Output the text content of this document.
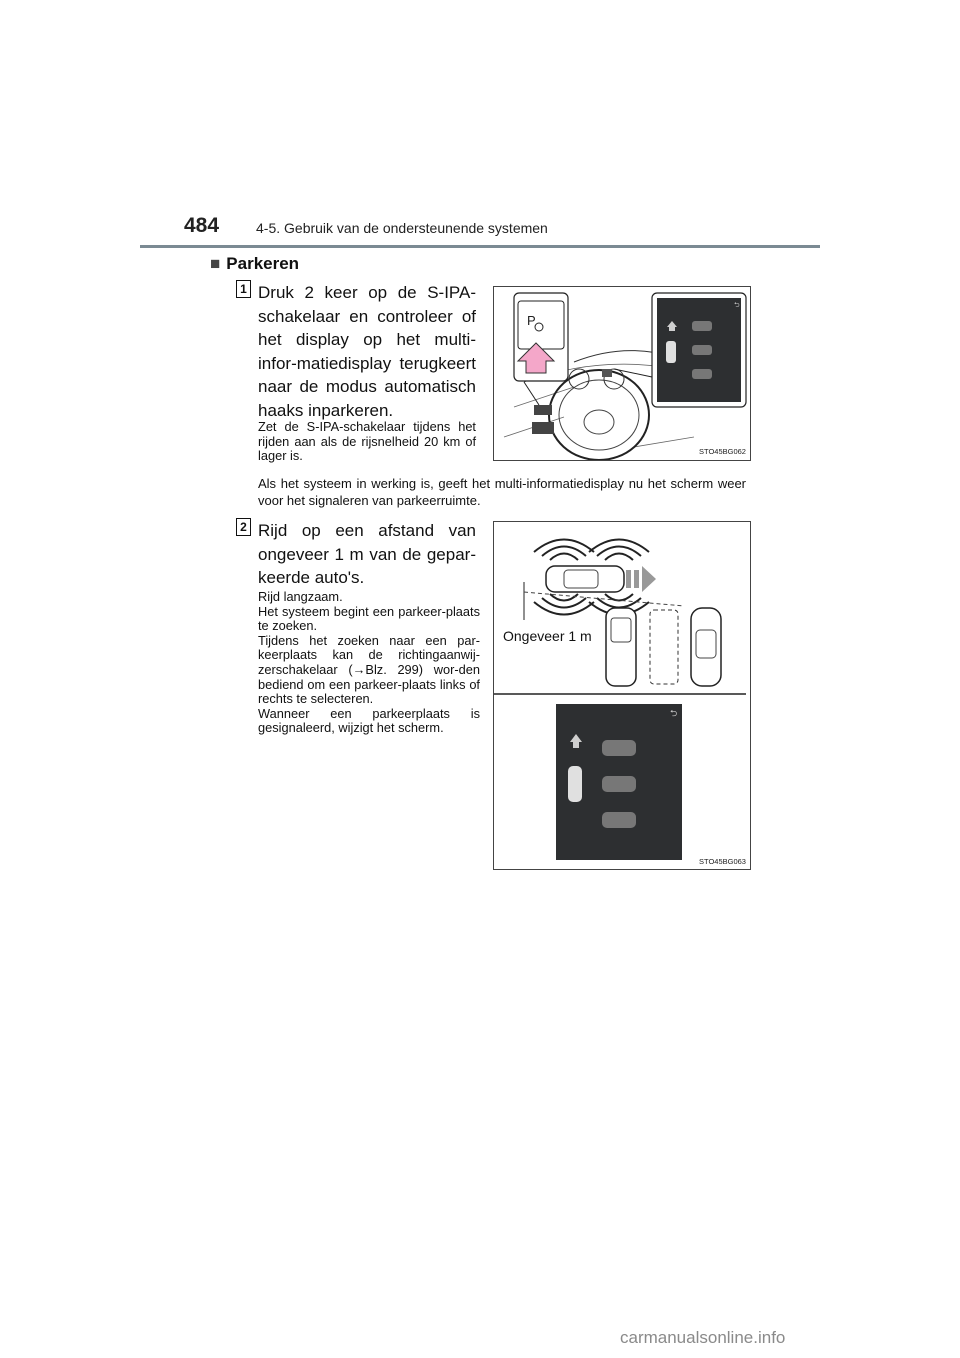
484	4-5. Gebruik van de ondersteunende systemen
■ Parkeren
1 Druk 2 keer op de S-IPA-schakelaar en controleer of het display op het multi-infor-matiedisplay terugkeert naar de modus automatisch haaks inparkeren.
Zet de S-IPA-schakelaar tijdens het rijden aan als de rijsnelheid 20 km of lager is.
P
⮌
STO45BG062
Als het systeem in werking is, geeft het multi-informatiedisplay nu het scherm weer voor het signaleren van parkeerruimte.
2 Rijd op een afstand van ongeveer 1 m van de gepar-keerde auto's.
Rijd langzaam.
Het systeem begint een parkeer-plaats te zoeken.
Tijdens het zoeken naar een par-keerplaats kan de richtingaanwij-zerschakelaar (→Blz. 299) wor-den bediend om een parkeer-plaats links of rechts te selecteren.
Wanneer een parkeerplaats is gesignaleerd, wijzigt het scherm.
⮌
Ongeveer 1 m
STO45BG063
carmanualsonline.info
